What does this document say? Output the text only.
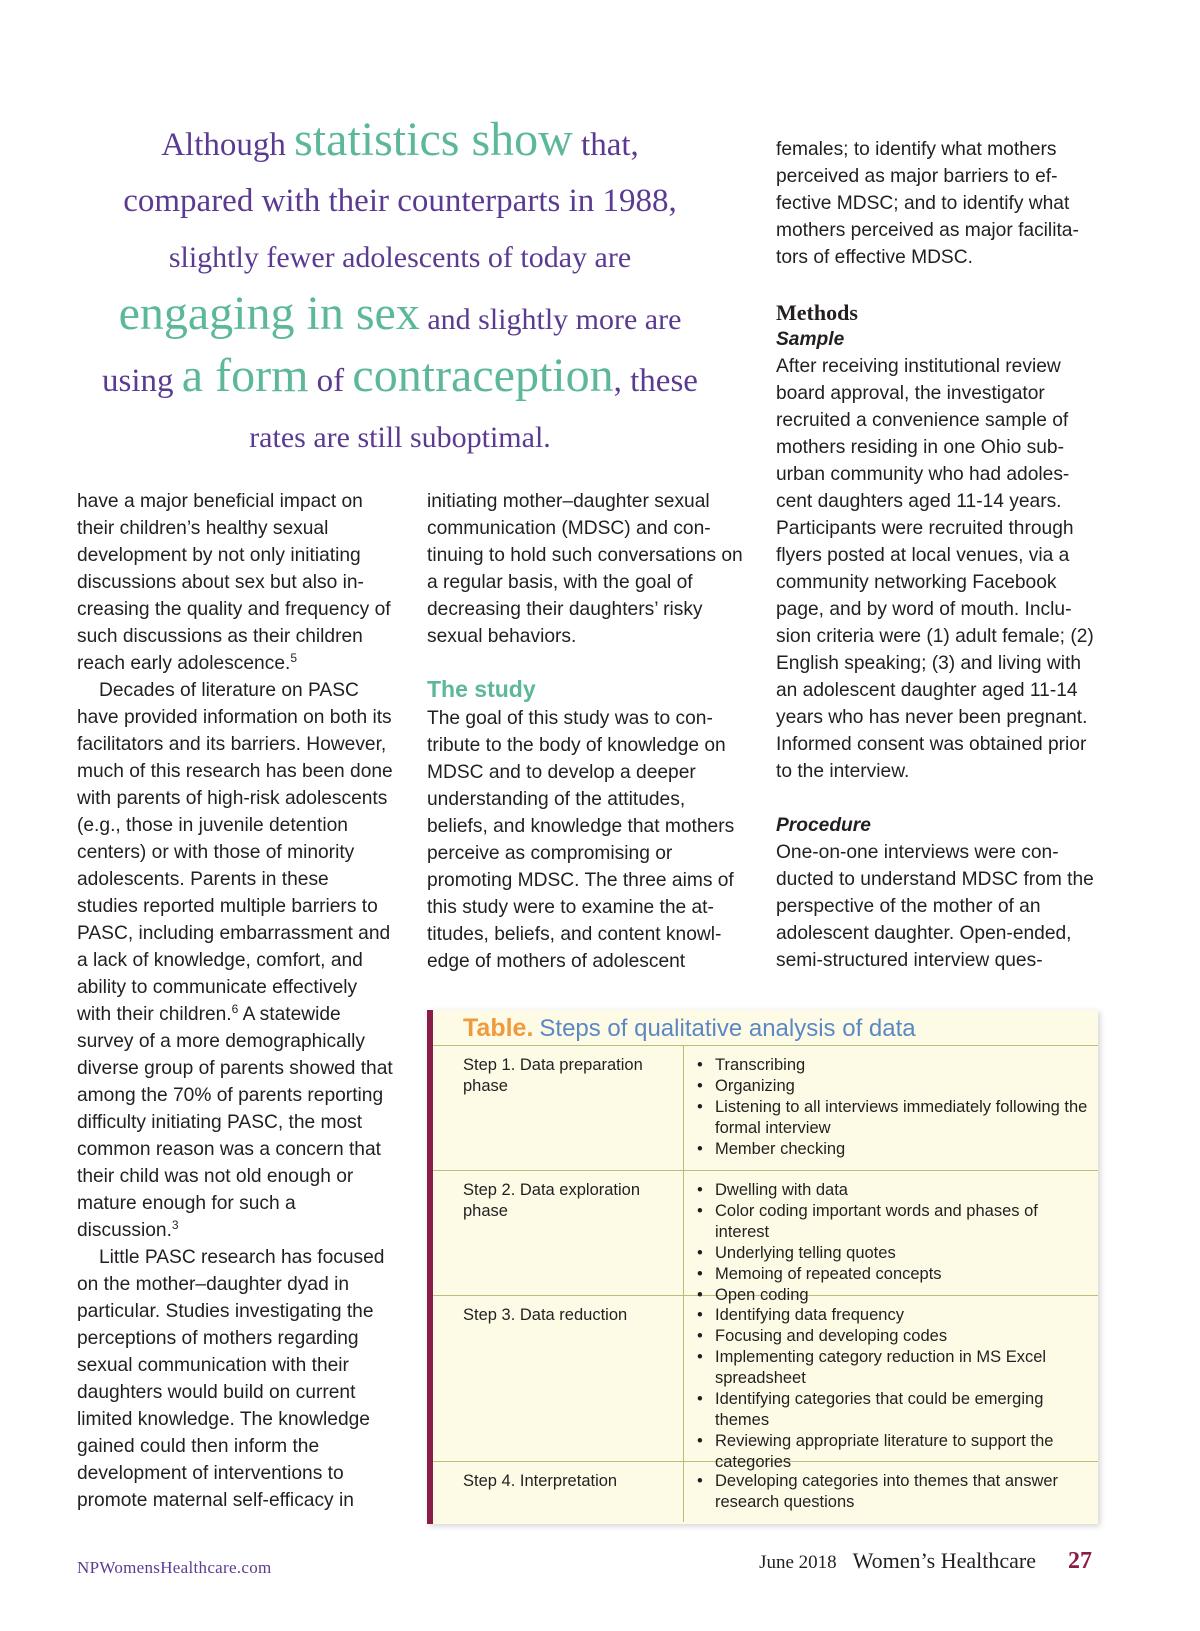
Although statistics show that,
compared with their counterparts in 1988,
slightly fewer adolescents of today are
engaging in sex and slightly more are
using a form of contraception, these
rates are still suboptimal.

have a major beneficial impact on their children’s healthy sexual development by not only initiating discussions about sex but also increasing the quality and frequency of such discussions as their children reach early adolescence.$^5$

Decades of literature on PASC have provided information on both its facilitators and its barriers. However, much of this research has been done with parents of high-risk adolescents (e.g., those in juvenile detention centers) or with those of minority adolescents. Parents in these studies reported multiple barriers to PASC, including embarrassment and a lack of knowledge, comfort, and ability to communicate effectively with their children.$^6$ A statewide survey of a more demographically diverse group of parents showed that among the 70% of parents reporting difficulty initiating PASC, the most common reason was a concern that their child was not old enough or mature enough for such a discussion.$^3$

Little PASC research has focused on the mother–daughter dyad in particular. Studies investigating the perceptions of mothers regarding sexual communication with their daughters would build on current limited knowledge. The knowledge gained could then inform the development of interventions to promote maternal self-efficacy in

initiating mother–daughter sexual communication (MDSC) and continuing to hold such conversations on a regular basis, with the goal of decreasing their daughters’ risky sexual behaviors.

The study

The goal of this study was to contribute to the body of knowledge on MDSC and to develop a deeper understanding of the attitudes, beliefs, and knowledge that mothers perceive as compromising or promoting MDSC. The three aims of this study were to examine the attitudes, beliefs, and content knowledge of mothers of adolescent

females; to identify what mothers perceived as major barriers to effective MDSC; and to identify what mothers perceived as major facilitators of effective MDSC.

Methods

Sample

After receiving institutional review board approval, the investigator recruited a convenience sample of mothers residing in one Ohio suburban community who had adolescent daughters aged 11-14 years. Participants were recruited through flyers posted at local venues, via a community networking Facebook page, and by word of mouth. Inclusion criteria were (1) adult female; (2) English speaking; (3) and living with an adolescent daughter aged 11-14 years who has never been pregnant. Informed consent was obtained prior to the interview.

Procedure

One-on-one interviews were conducted to understand MDSC from the perspective of the mother of an adolescent daughter. Open-ended, semi-structured interview ques-

Table. Steps of qualitative analysis of data
Step 1. Data preparation phase
• Transcribing
• Organizing
• Listening to all interviews immediately following the formal interview
• Member checking
Step 2. Data exploration phase
• Dwelling with data
• Color coding important words and phases of interest
• Underlying telling quotes
• Memoing of repeated concepts
• Open coding
Step 3. Data reduction	• Identifying data frequency
• Focusing and developing codes
• Implementing category reduction in MS Excel spreadsheet
• Identifying categories that could be emerging themes
• Reviewing appropriate literature to support the categories
Step 4. Interpretation	• Developing categories into themes that answer research questions
NPWomensHealthcare.com	June 2018 Women’s Healthcare 27
